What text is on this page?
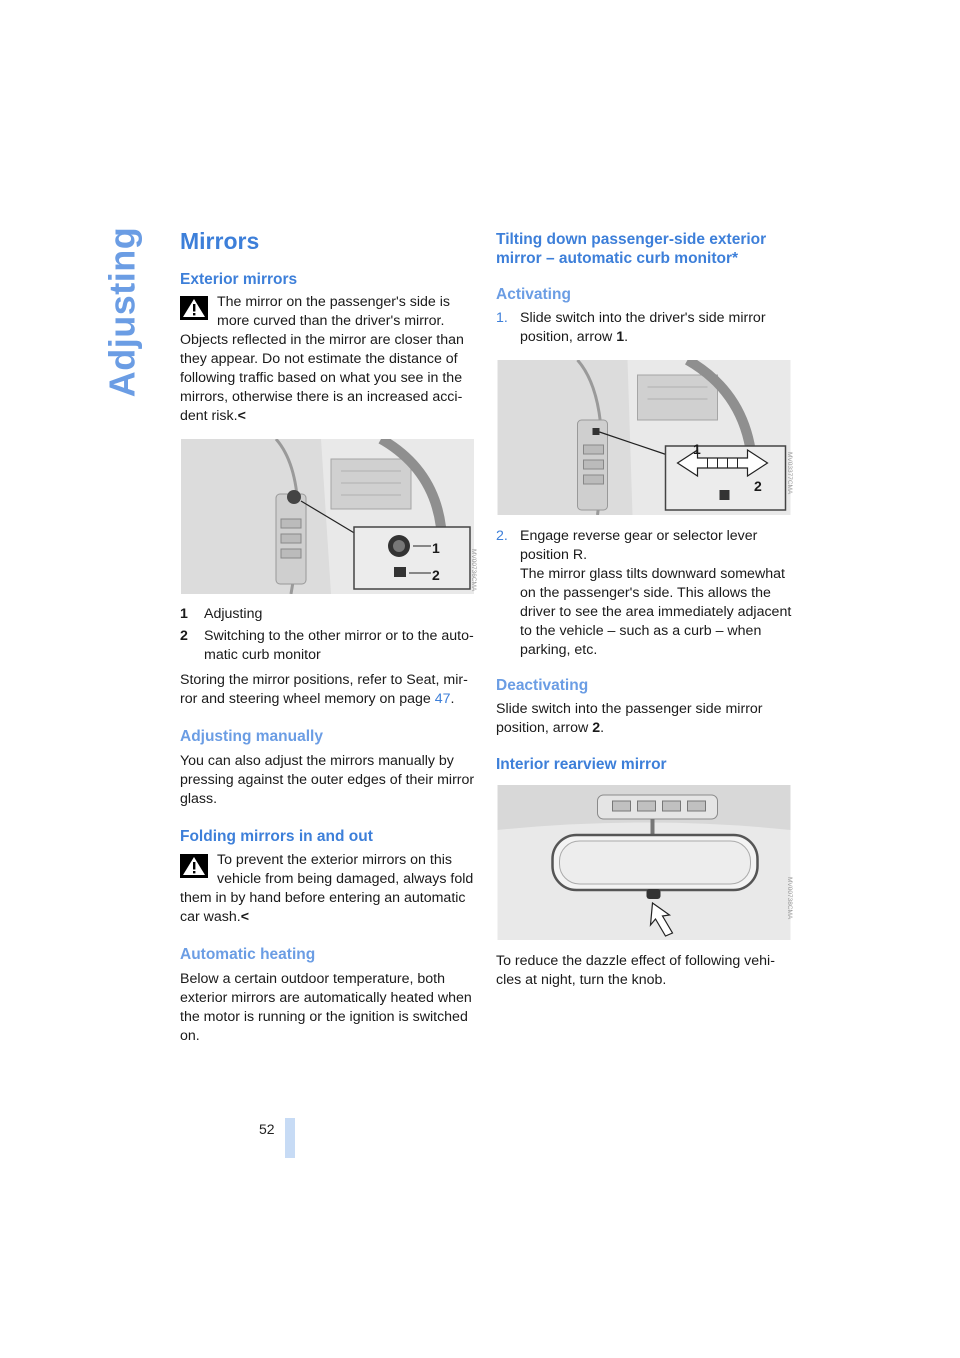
Adjusting Mirrors
Exterior mirrors

The mirror on the passenger's side is

more curved than the driver's mirror.

Objects reflected in the mirror are closer than they appear. Do not estimate the distance of following traffic based on what you see in the mirrors, otherwise there is an increased accident risk.<

1
2	MV00736CMA
1	Adjusting
2	Switching to the other mirror or to the automatic curb monitor

Storing the mirror positions, refer to Seat, mirror and steering wheel memory on page 47.

Adjusting manually

You can also adjust the mirrors manually by pressing against the outer edges of their mirror glass.

Folding mirrors in and out

To prevent the exterior mirrors on this

vehicle from being damaged, always fold

them in by hand before entering an automatic car wash.<

Automatic heating

Below a certain outdoor temperature, both exterior mirrors are automatically heated when the motor is running or the ignition is switched on.

Tilting down passenger-side exterior mirror – automatic curb monitor*
Activating
1. Slide switch into the driver's side mirror position, arrow 1.
1
2	MV03377CMA
2. Engage reverse gear or selector lever position R.
The mirror glass tilts downward somewhat on the passenger's side. This allows the driver to see the area immediately adjacent to the vehicle – such as a curb – when parking, etc.
Deactivating

Slide switch into the passenger side mirror position, arrow 2.

Interior rearview mirror
MV00738CMA

To reduce the dazzle effect of following vehicles at night, turn the knob.

52
